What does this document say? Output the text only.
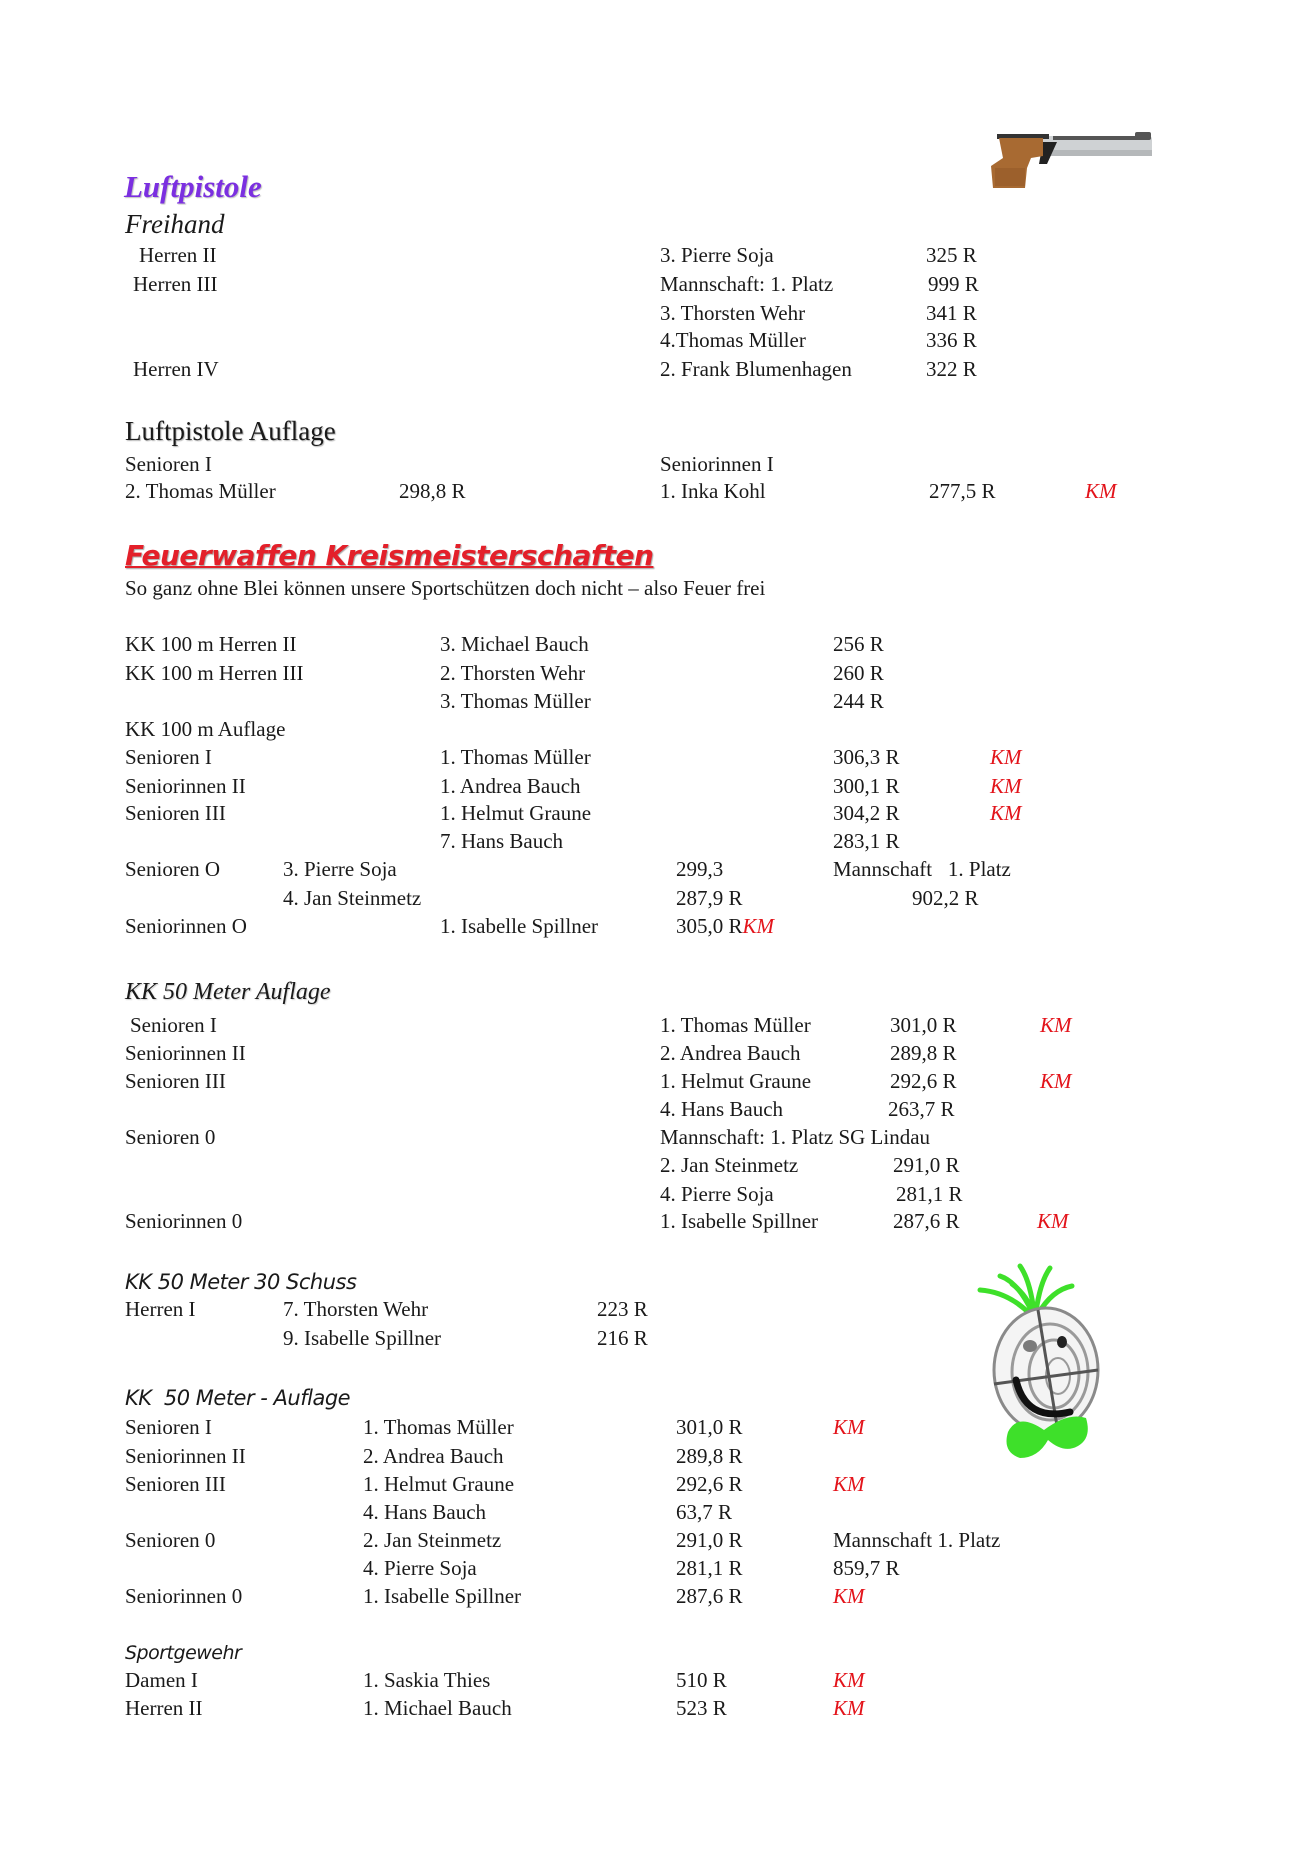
Luftpistole
Freihand
Herren II	3. Pierre Soja	325 R
Herren III	Mannschaft: 1. Platz	999 R
3. Thorsten Wehr	341 R
4.Thomas Müller	336 R
Herren IV	2. Frank Blumenhagen	322 R
Luftpistole Auflage
Senioren I	Seniorinnen I
2. Thomas Müller	298,8 R	1. Inka Kohl	277,5 R	KM
Feuerwaffen Kreismeisterschaften
So ganz ohne Blei können unsere Sportschützen doch nicht – also Feuer frei
KK 100 m Herren II	3. Michael Bauch	256 R
KK 100 m Herren III	2. Thorsten Wehr	260 R
3. Thomas Müller	244 R
KK 100 m Auflage
Senioren I	1. Thomas Müller	306,3 R	KM
Seniorinnen II	1. Andrea Bauch	300,1 R	KM
Senioren III	1. Helmut Graune	304,2 R	KM
7. Hans Bauch	283,1 R
Senioren O	3. Pierre Soja	299,3	Mannschaft   1. Platz
4. Jan Steinmetz	287,9 R	902,2 R
Seniorinnen O	1. Isabelle Spillner	305,0 RKM
KK 50 Meter Auflage
Senioren I	1. Thomas Müller	301,0 R	KM
Seniorinnen II	2. Andrea Bauch	289,8 R
Senioren III	1. Helmut Graune	292,6 R	KM
4. Hans Bauch	263,7 R
Senioren 0	Mannschaft: 1. Platz SG Lindau
2. Jan Steinmetz	291,0 R
4. Pierre Soja	281,1 R
Seniorinnen 0	1. Isabelle Spillner	287,6 R	KM
KK 50 Meter 30 Schuss
Herren I	7. Thorsten Wehr	223 R
9. Isabelle Spillner	216 R
KK  50 Meter - Auflage
Senioren I	1. Thomas Müller	301,0 R	KM
Seniorinnen II	2. Andrea Bauch	289,8 R
Senioren III	1. Helmut Graune	292,6 R	KM
4. Hans Bauch	63,7 R
Senioren 0	2. Jan Steinmetz	291,0 R	Mannschaft 1. Platz
4. Pierre Soja	281,1 R	859,7 R
Seniorinnen 0	1. Isabelle Spillner	287,6 R	KM
Sportgewehr
Damen I	1. Saskia Thies	510 R	KM
Herren II	1. Michael Bauch	523 R	KM
